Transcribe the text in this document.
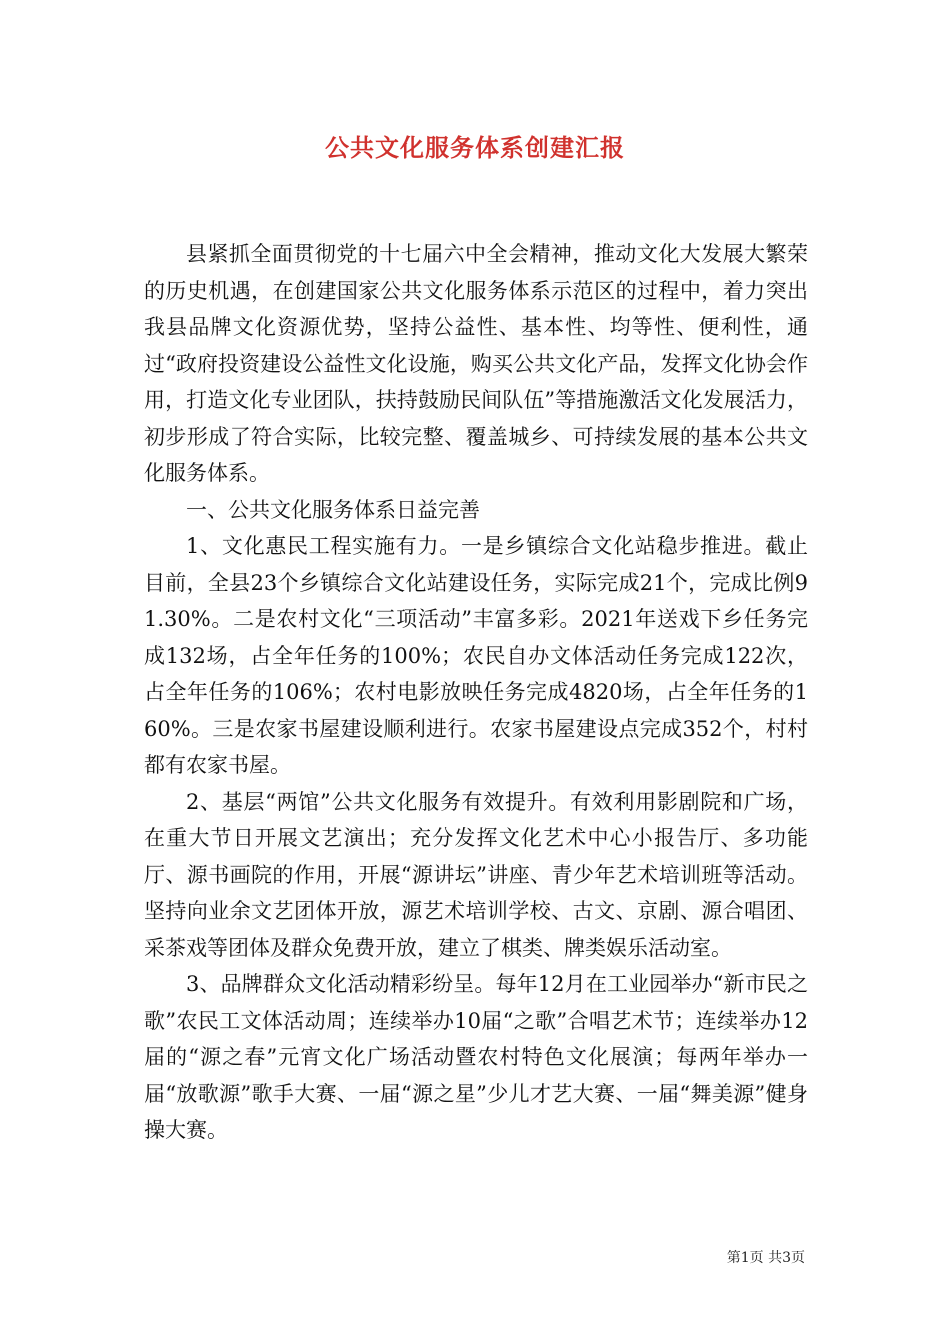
公共文化服务体系创建汇报

县紧抓全面贯彻党的十七届六中全会精神，推动文化大发展大繁荣的历史机遇，在创建国家公共文化服务体系示范区的过程中，着力突出我县品牌文化资源优势，坚持公益性、基本性、均等性、便利性，通过“政府投资建设公益性文化设施，购买公共文化产品，发挥文化协会作用，打造文化专业团队，扶持鼓励民间队伍”等措施激活文化发展活力，初步形成了符合实际，比较完整、覆盖城乡、可持续发展的基本公共文化服务体系。

一、公共文化服务体系日益完善

1、文化惠民工程实施有力。一是乡镇综合文化站稳步推进。截止目前，全县23个乡镇综合文化站建设任务，实际完成21个，完成比例91.30%。二是农村文化“三项活动”丰富多彩。2021年送戏下乡任务完成132场，占全年任务的100%；农民自办文体活动任务完成122次，占全年任务的106%；农村电影放映任务完成4820场，占全年任务的160%。三是农家书屋建设顺利进行。农家书屋建设点完成352个，村村都有农家书屋。

2、基层“两馆”公共文化服务有效提升。有效利用影剧院和广场，在重大节日开展文艺演出；充分发挥文化艺术中心小报告厅、多功能厅、源书画院的作用，开展“源讲坛”讲座、青少年艺术培训班等活动。坚持向业余文艺团体开放，源艺术培训学校、古文、京剧、源合唱团、采茶戏等团体及群众免费开放，建立了棋类、牌类娱乐活动室。

3、品牌群众文化活动精彩纷呈。每年12月在工业园举办“新市民之歌”农民工文体活动周；连续举办10届“之歌”合唱艺术节；连续举办12届的“源之春”元宵文化广场活动暨农村特色文化展演；每两年举办一届“放歌源”歌手大赛、一届“源之星”少儿才艺大赛、一届“舞美源”健身操大赛。

第1页 共3页
